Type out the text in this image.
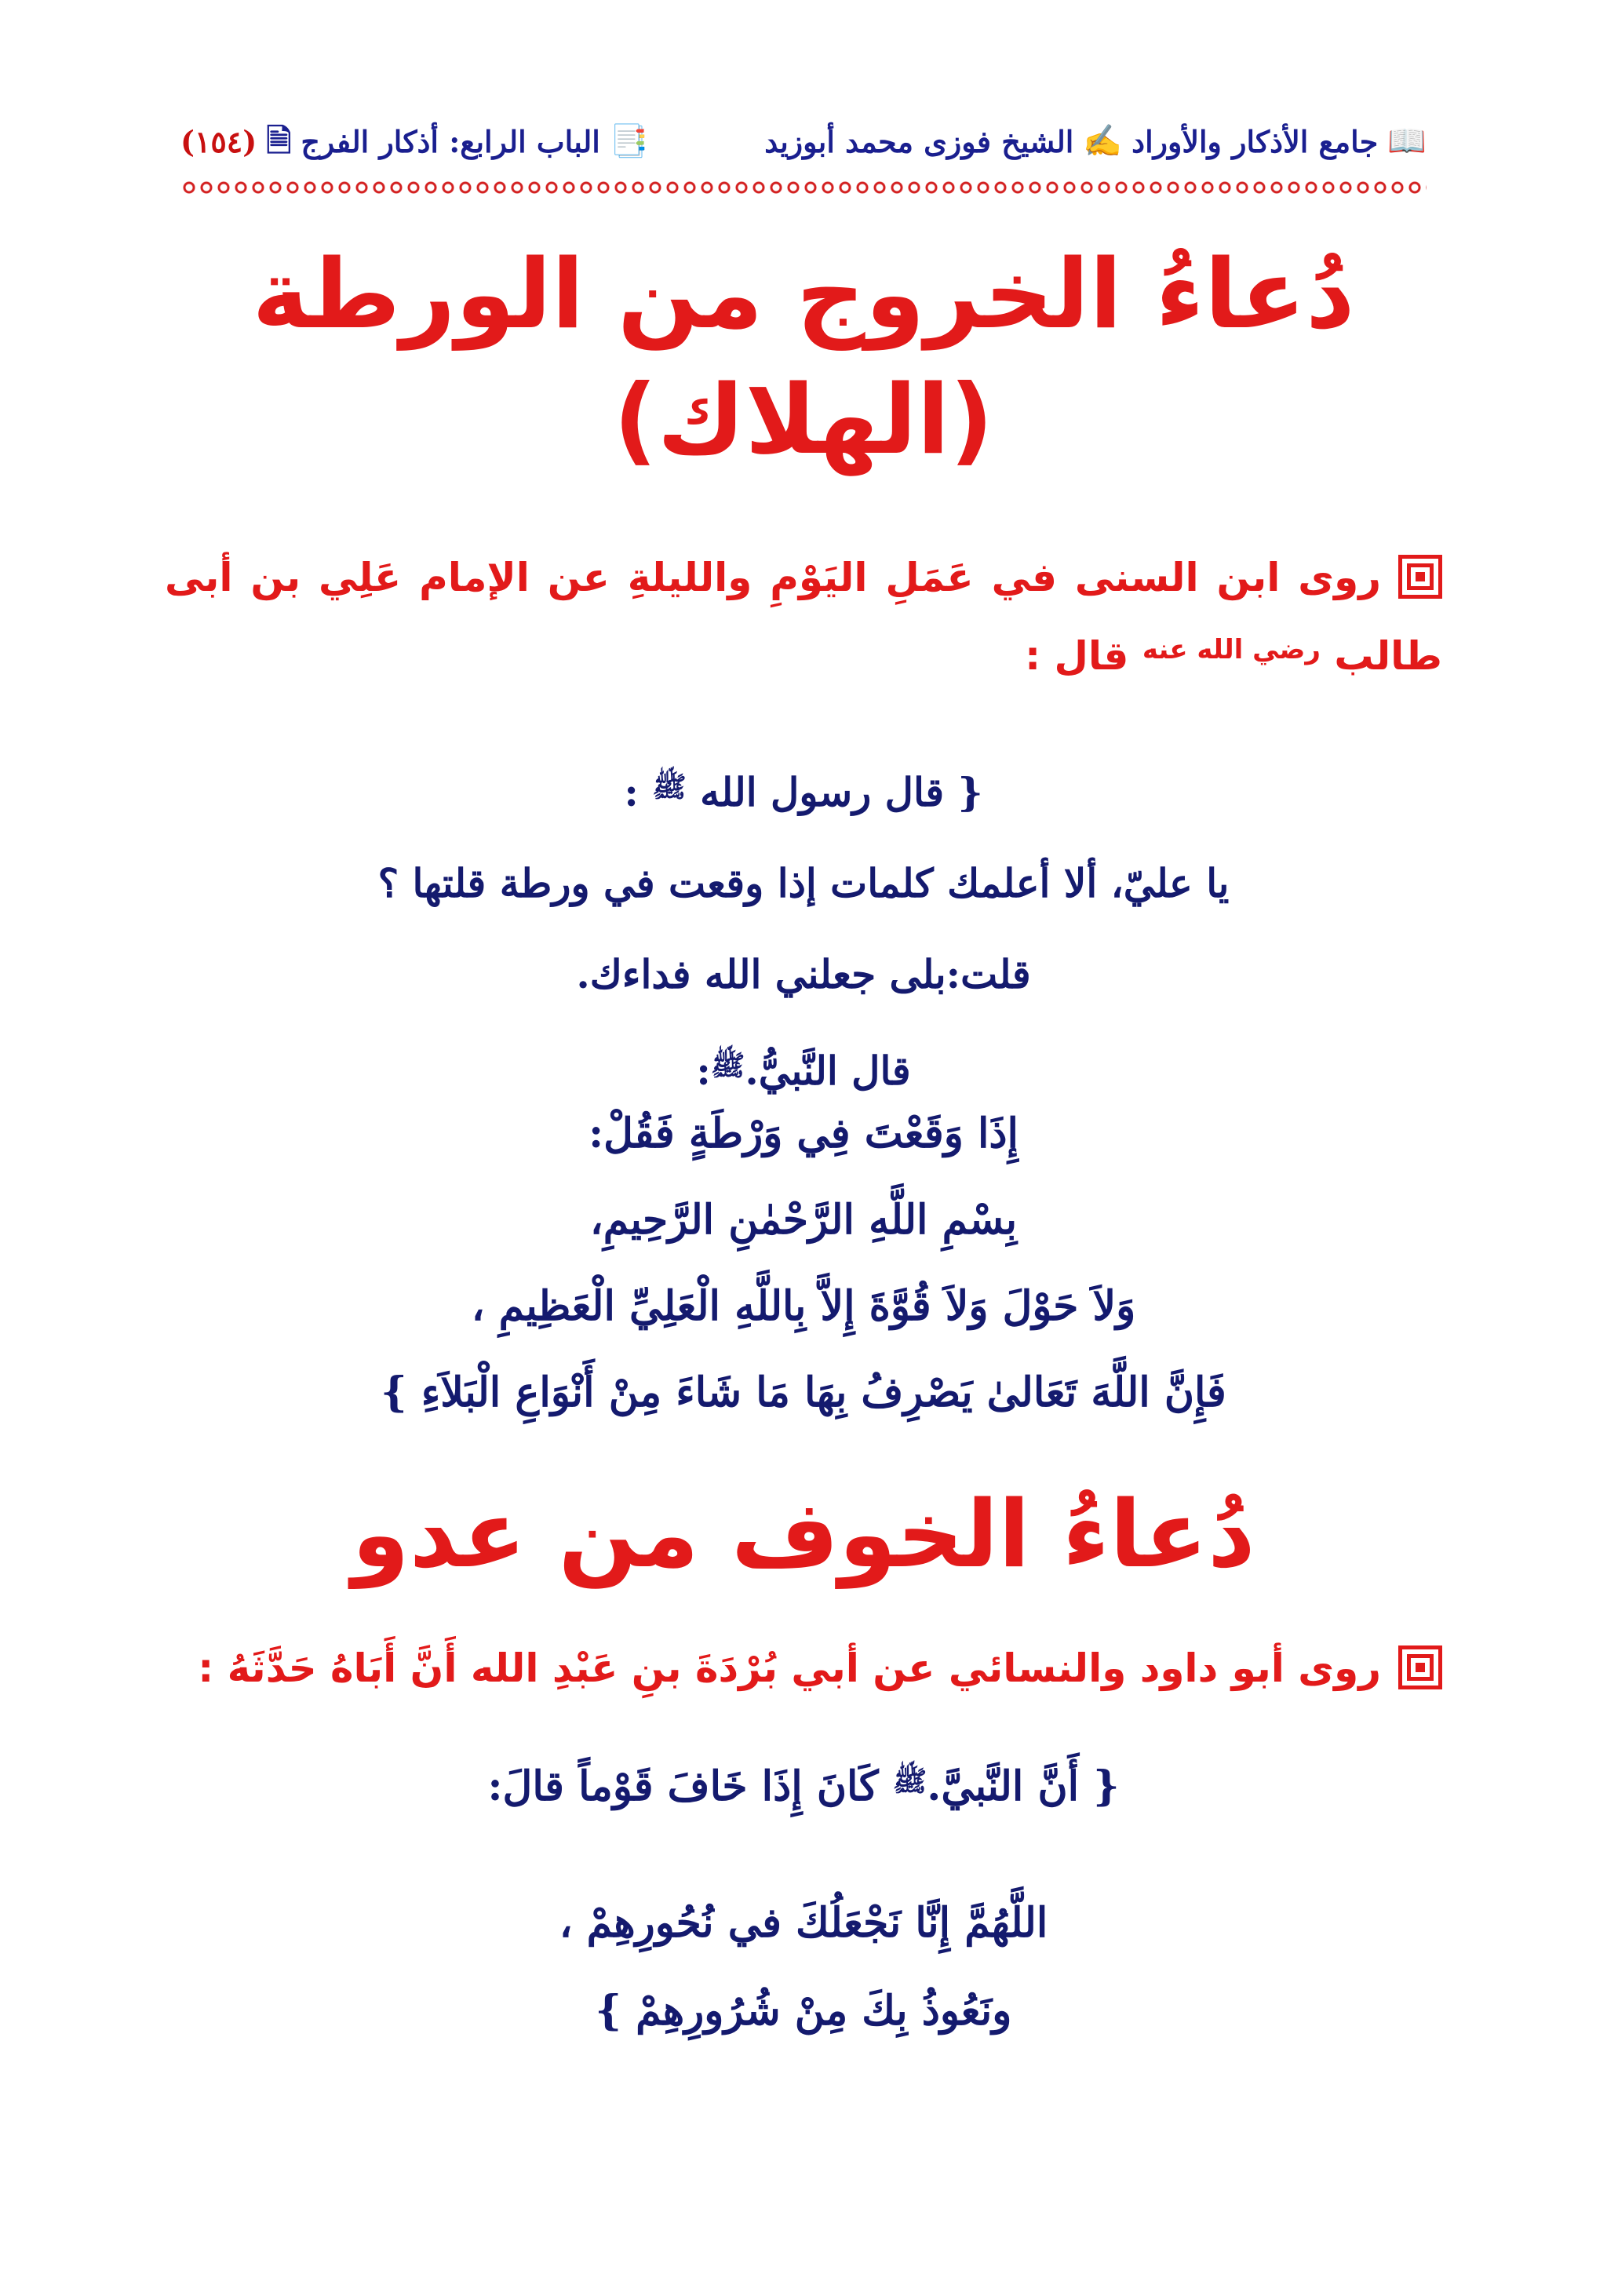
📖
جامع الأذكار والأوراد
✍
الشيخ فوزى محمد أبوزيد
📑
الباب الرابع: أذكار الفرج
🗎
(١٥٤)
دُعاءُ الخروج من الورطة
(الهلاك)
روى ابن السنى في عَمَلِ اليَوْمِ والليلةِ عن الإمام عَلِي بن أبى طالب $^{رضي الله عنه}$ قال :
{ قال رسول الله $^ﷺ$ :
يا عليّ، ألا أعلمك كلمات إذا وقعت في ورطة قلتها ؟
قلت:بلى جعلني الله فداءك.
قال النَّبيُّ.$^ﷺ$:
إِذَا وَقَعْتَ فِي وَرْطَةٍ فَقُلْ:
بِسْمِ اللَّهِ الرَّحْمٰنِ الرَّحِيمِ،
وَلاَ حَوْلَ وَلاَ قُوَّةَ إِلاَّ بِاللَّهِ الْعَلِيِّ الْعَظِيمِ ،
فَإِنَّ اللَّهَ تَعَالىٰ يَصْرِفُ بِهَا مَا شَاءَ مِنْ أَنْوَاعِ الْبَلاَءِ }
دُعاءُ الخوف من عدو
روى أبو داود والنسائي عن أبي بُرْدَةَ بنِ عَبْدِ الله أَنَّ أَبَاهُ حَدَّثَهُ :
{ أَنَّ النَّبيَّ.$^ﷺ$ كَانَ إِذَا خَافَ قَوْماً قالَ:
اللَّهُمَّ إِنَّا نَجْعَلُكَ في نُحُورِهِمْ ،
ونَعُوذُ بِكَ مِنْ شُرُورِهِمْ }
